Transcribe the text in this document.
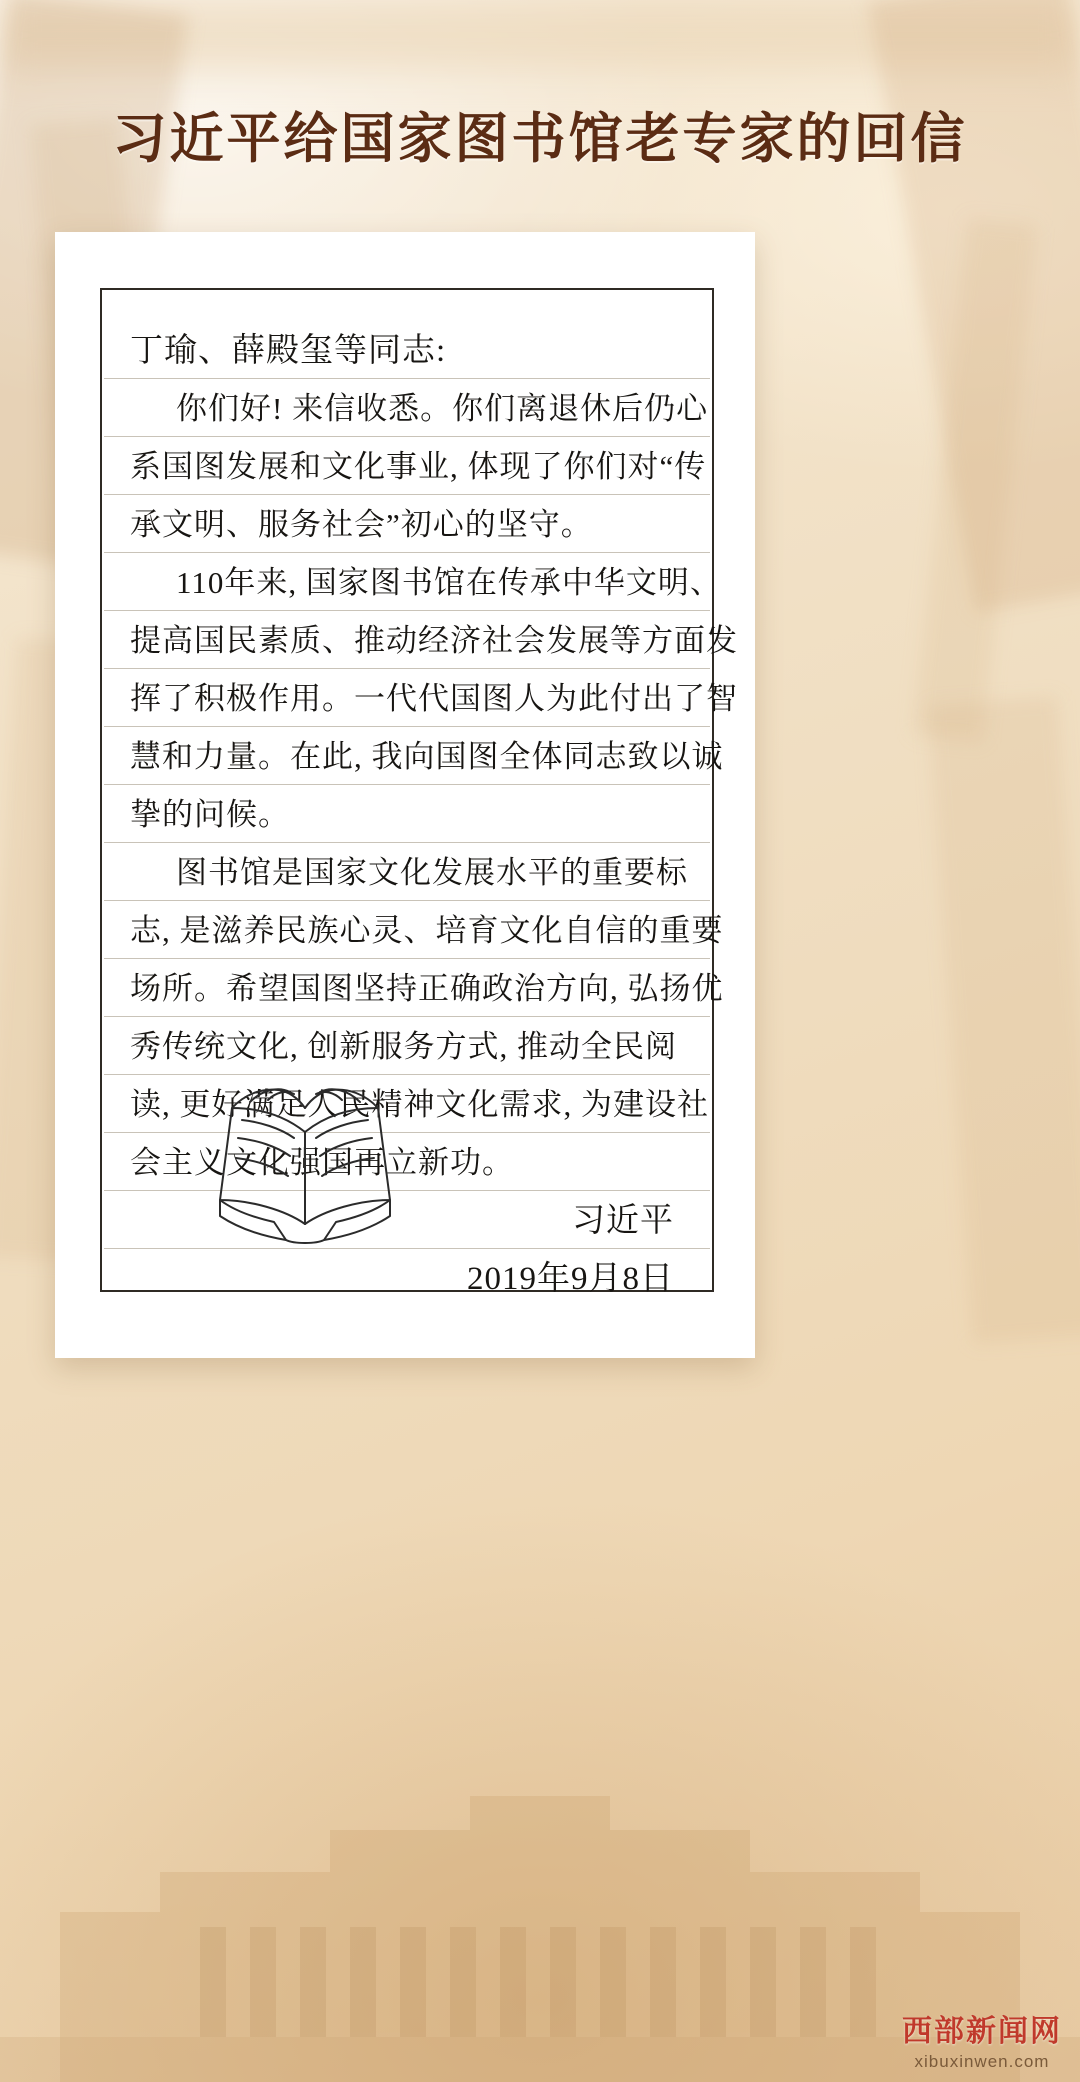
习近平给国家图书馆老专家的回信
丁瑜、薛殿玺等同志:
你们好! 来信收悉。你们离退休后仍心
系国图发展和文化事业, 体现了你们对“传
承文明、服务社会”初心的坚守。
110年来, 国家图书馆在传承中华文明、
提高国民素质、推动经济社会发展等方面发
挥了积极作用。一代代国图人为此付出了智
慧和力量。在此, 我向国图全体同志致以诚
挚的问候。
图书馆是国家文化发展水平的重要标
志, 是滋养民族心灵、培育文化自信的重要
场所。希望国图坚持正确政治方向, 弘扬优
秀传统文化, 创新服务方式, 推动全民阅
读, 更好满足人民精神文化需求, 为建设社
会主义文化强国再立新功。
习近平
2019年9月8日
西部新闻网
xibuxinwen.com
